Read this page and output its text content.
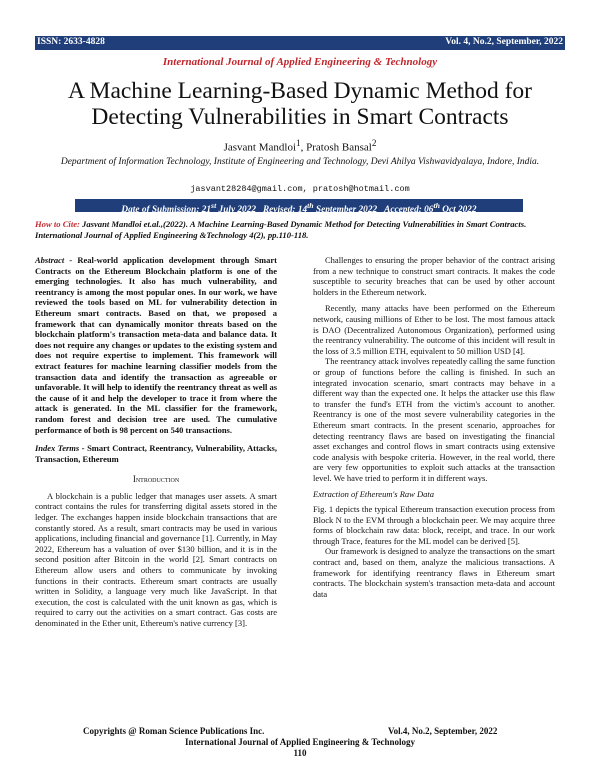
ISSN: 2633-4828	Vol. 4, No.2, September, 2022
International Journal of Applied Engineering & Technology
A Machine Learning-Based Dynamic Method for Detecting Vulnerabilities in Smart Contracts
Jasvant Mandloi$^1$, Pratosh Bansal$^2$
Department of Information Technology, Institute of Engineering and Technology, Devi Ahilya Vishwavidyalaya, Indore, India.
jasvant28284@gmail.com, pratosh@hotmail.com
Date of Submission: 21st July 2022 Revised: 14th September 2022 Accepted: 06th Oct 2022
How to Cite: Jasvant Mandloi et.al.,(2022). A Machine Learning-Based Dynamic Method for Detecting Vulnerabilities in Smart Contracts. International Journal of Applied Engineering &Technology 4(2), pp.110-118.

Abstract - Real-world application development through Smart Contracts on the Ethereum Blockchain platform is one of the emerging technologies. It also has much vulnerability, and reentrancy is among the most popular ones. In our work, we have reviewed the tools based on ML for vulnerability detection in Ethereum smart contracts. Based on that, we proposed a framework that can dynamically monitor threats based on the blockchain platform's transaction meta-data and balance data. It does not require any changes or updates to the existing system and does not require expertise to implement. This framework will extract features for machine learning classifier models from the transaction data and identify the transaction as agreeable or unfavorable. It will help to identify the reentrancy threat as well as the cause of it and help the developer to trace it from where the attack is generated. In the ML classifier for the framework, random forest and decision tree are used. The cumulative performance of both is 98 percent on 540 transactions.

Index Terms - Smart Contract, Reentrancy, Vulnerability, Attacks, Transaction, Ethereum

Introduction

A blockchain is a public ledger that manages user assets. A smart contract contains the rules for transferring digital assets stored in the ledger. The exchanges happen inside blockchain transactions that are constantly stored. As a result, smart contracts may be used in various applications, including financial and governance [1]. Currently, in May 2022, Ethereum has a valuation of over $130 billion, and it is in the second position after Bitcoin in the world [2]. Smart contracts on Ethereum allow users and others to communicate by invoking functions in their contracts. Ethereum smart contracts are usually written in Solidity, a language very much like JavaScript. In that execution, the cost is calculated with the unit known as gas, which is required to carry out the activities on a smart contract. Gas costs are denominated in the Ether unit, Ethereum's native currency [3].

Challenges to ensuring the proper behavior of the contract arising from a new technique to construct smart contracts. It makes the code susceptible to security breaches that can be used by other account holders in the Ethereum network.

Recently, many attacks have been performed on the Ethereum network, causing millions of Ether to be lost. The most famous attack is DAO (Decentralized Autonomous Organization), performed using the reentrancy vulnerability. The outcome of this incident will result in the loss of 3.5 million ETH, equivalent to 50 million USD [4].

The reentrancy attack involves repeatedly calling the same function or group of functions before the calling is finished. In such an integrated invocation scenario, smart contracts may behave in a different way than the expected one. It helps the attacker use this flaw to transfer the fund's ETH from the victim's account to another. Reentrancy is one of the most severe vulnerability categories in the Ethereum smart contracts. In the present scenario, approaches for detecting reentrancy flaws are based on investigating the financial asset exchanges and control flows in smart contracts using extensive code analysis with bespoke criteria. However, in the real world, there are very few opportunities to exploit such attacks at the transaction level. We have tried to perform it in different ways.

Extraction of Ethereum's Raw Data

Fig. 1 depicts the typical Ethereum transaction execution process from Block N to the EVM through a blockchain peer. We may acquire three forms of blockchain raw data: block, receipt, and trace. In our work through Trace, features for the ML model can be derived [5].

Our framework is designed to analyze the transactions on the smart contract and, based on them, analyze the malicious transactions. A framework for identifying reentrancy flaws in Ethereum smart contracts. The blockchain system's transaction meta-data and account data

Copyrights @ Roman Science Publications Inc.	Vol.4, No.2, September, 2022
International Journal of Applied Engineering & Technology
110
